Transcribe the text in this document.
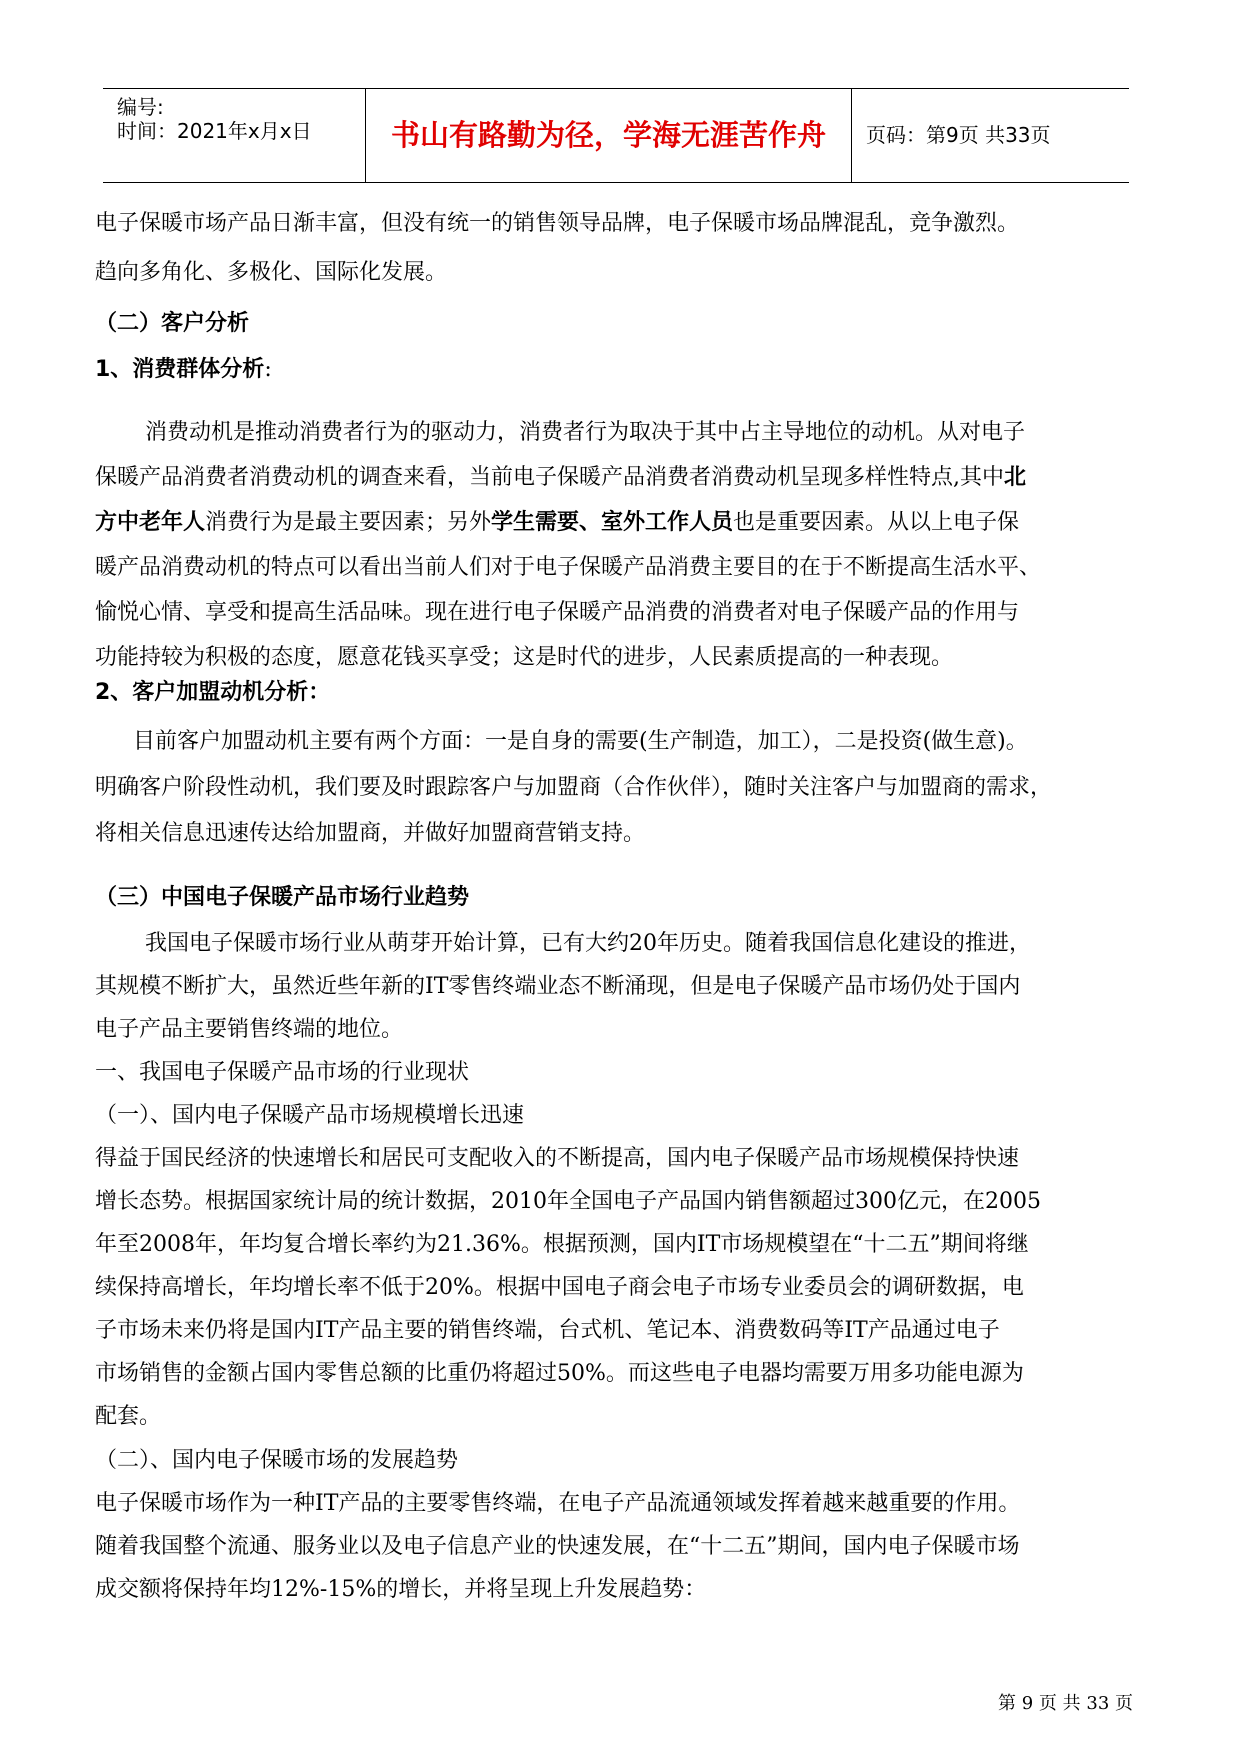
编号:
时间：2021年x月x日	书山有路勤为径，学海无涯苦作舟	页码：第9页 共33页
电子保暖市场产品日渐丰富，但没有统一的销售领导品牌，电子保暖市场品牌混乱，竞争激烈。
趋向多角化、多极化、国际化发展。
（二）客户分析
1、消费群体分析:
消费动机是推动消费者行为的驱动力，消费者行为取决于其中占主导地位的动机。从对电子
保暖产品消费者消费动机的调查来看，当前电子保暖产品消费者消费动机呈现多样性特点,其中北
方中老年人消费行为是最主要因素；另外学生需要、室外工作人员也是重要因素。从以上电子保
暖产品消费动机的特点可以看出当前人们对于电子保暖产品消费主要目的在于不断提高生活水平、
愉悦心情、享受和提高生活品味。现在进行电子保暖产品消费的消费者对电子保暖产品的作用与
功能持较为积极的态度，愿意花钱买享受；这是时代的进步，人民素质提高的一种表现。
2、客户加盟动机分析：
目前客户加盟动机主要有两个方面：一是自身的需要(生产制造，加工），二是投资(做生意)。
明确客户阶段性动机，我们要及时跟踪客户与加盟商（合作伙伴），随时关注客户与加盟商的需求，
将相关信息迅速传达给加盟商，并做好加盟商营销支持。
（三）中国电子保暖产品市场行业趋势
我国电子保暖市场行业从萌芽开始计算，已有大约20年历史。随着我国信息化建设的推进，
其规模不断扩大，虽然近些年新的IT零售终端业态不断涌现，但是电子保暖产品市场仍处于国内
电子产品主要销售终端的地位。
一、我国电子保暖产品市场的行业现状
（一）、国内电子保暖产品市场规模增长迅速
得益于国民经济的快速增长和居民可支配收入的不断提高，国内电子保暖产品市场规模保持快速
增长态势。根据国家统计局的统计数据，2010年全国电子产品国内销售额超过300亿元，在2005
年至2008年，年均复合增长率约为21.36%。根据预测，国内IT市场规模望在“十二五”期间将继
续保持高增长，年均增长率不低于20%。根据中国电子商会电子市场专业委员会的调研数据，电
子市场未来仍将是国内IT产品主要的销售终端，台式机、笔记本、消费数码等IT产品通过电子
市场销售的金额占国内零售总额的比重仍将超过50%。而这些电子电器均需要万用多功能电源为
配套。
（二）、国内电子保暖市场的发展趋势
电子保暖市场作为一种IT产品的主要零售终端，在电子产品流通领域发挥着越来越重要的作用。
随着我国整个流通、服务业以及电子信息产业的快速发展，在“十二五”期间，国内电子保暖市场
成交额将保持年均12%-15%的增长，并将呈现上升发展趋势：
第 9 页 共 33 页
